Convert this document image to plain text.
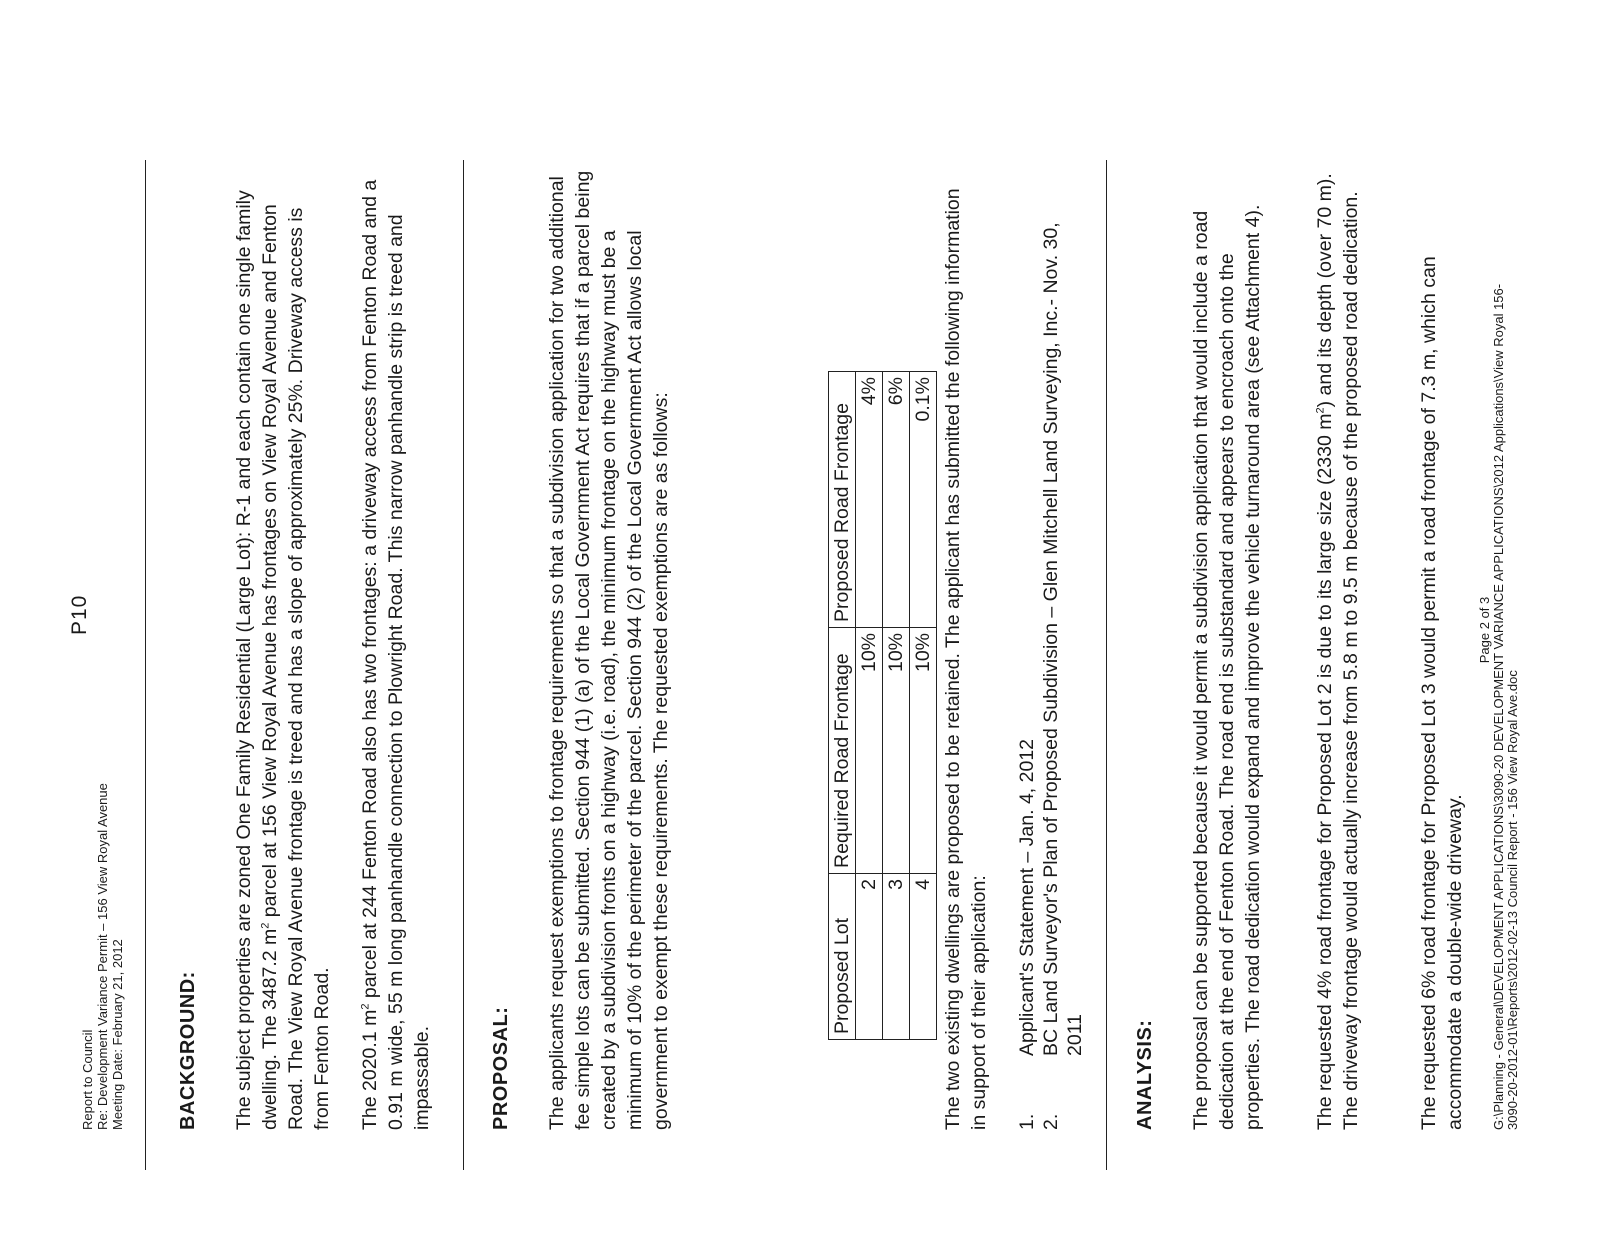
Report to Council Re: Development Variance Permit – 156 View Royal Avenue Meeting Date: February 21, 2012
P10
BACKGROUND: The subject properties are zoned One Family Residential (Large Lot): R-1 and each contain one single family dwelling. The 3487.2 $m^2$ parcel at 156 View Royal Avenue has frontages on View Royal Avenue and Fenton Road. The View Royal Avenue frontage is treed and has a slope of approximately 25%. Driveway access is from Fenton Road. The 2020.1 $m^2$ parcel at 244 Fenton Road also has two frontages: a driveway access from Fenton Road and a 0.91 m wide, 55 m long panhandle connection to Plowright Road. This narrow panhandle strip is treed and impassable.	PROPOSAL: The applicants request exemptions to frontage requirements so that a subdivision application for two additional fee simple lots can be submitted. Section 944 (1) (a) of the Local Government Act requires that if a parcel being created by a subdivision fronts on a highway (i.e. road), the minimum frontage on the highway must be a minimum of 10% of the perimeter of the parcel. Section 944 (2) of the Local Government Act allows local government to exempt these requirements. The requested exemptions are as follows:	Proposed Lot	Required Road Frontage	Proposed Road Frontage
2	10%	4%
3	10%	6%
4	10%	0.1% The two existing dwellings are proposed to be retained. The applicant has submitted the following information in support of their application: 1.
Applicant's Statement – Jan. 4, 2012
2.
BC Land Surveyor's Plan of Proposed Subdivision – Glen Mitchell Land Surveying, Inc.- Nov. 30, 2011 ANALYSIS: The proposal can be supported because it would permit a subdivision application that would include a road dedication at the end of Fenton Road. The road end is substandard and appears to encroach onto the properties. The road dedication would expand and improve the vehicle turnaround area (see Attachment 4).	The requested 4% road frontage for Proposed Lot 2 is due to its large size (2330 $m^2$) and its depth (over 70 m). The driveway frontage would actually increase from 5.8 m to 9.5 m because of the proposed road dedication.	The requested 6% road frontage for Proposed Lot 3 would permit a road frontage of 7.3 m, which can accommodate a double-wide driveway.
Page 2 of 3 G:\Planning - General\DEVELOPMENT APPLICATIONS\3090-20 DEVELOPMENT VARIANCE APPLICATIONS\2012 Applications\View Royal 156- 3090-20-2012-01\Reports\2012-02-13 Council Report - 156 View Royal Ave.doc
